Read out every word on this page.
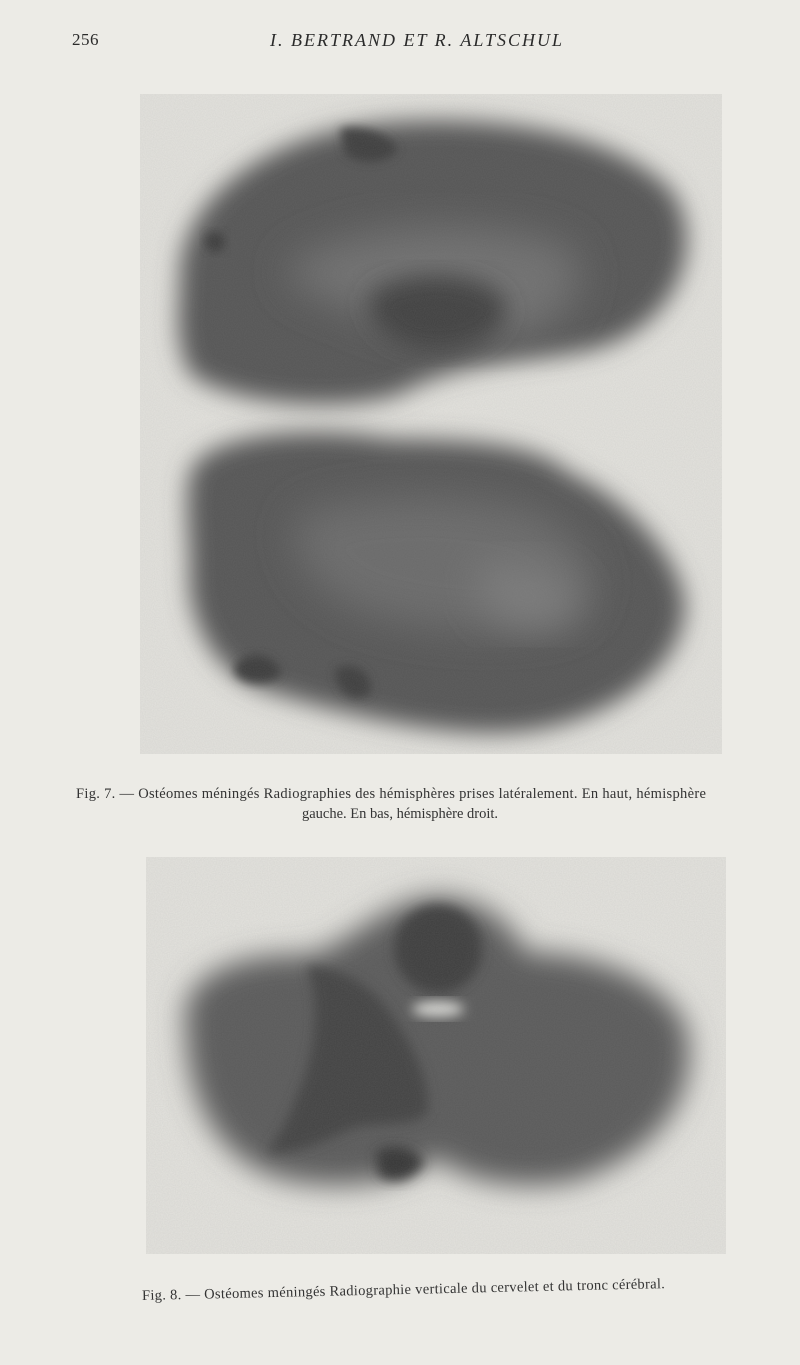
256	I. BERTRAND ET R. ALTSCHUL
Fig. 7. — Ostéomes méningés Radiographies des hémisphères prises latéralement. En haut, hémisphère
gauche. En bas, hémisphère droit.
Fig. 8. — Ostéomes méningés Radiographie verticale du cervelet et du tronc cérébral.
